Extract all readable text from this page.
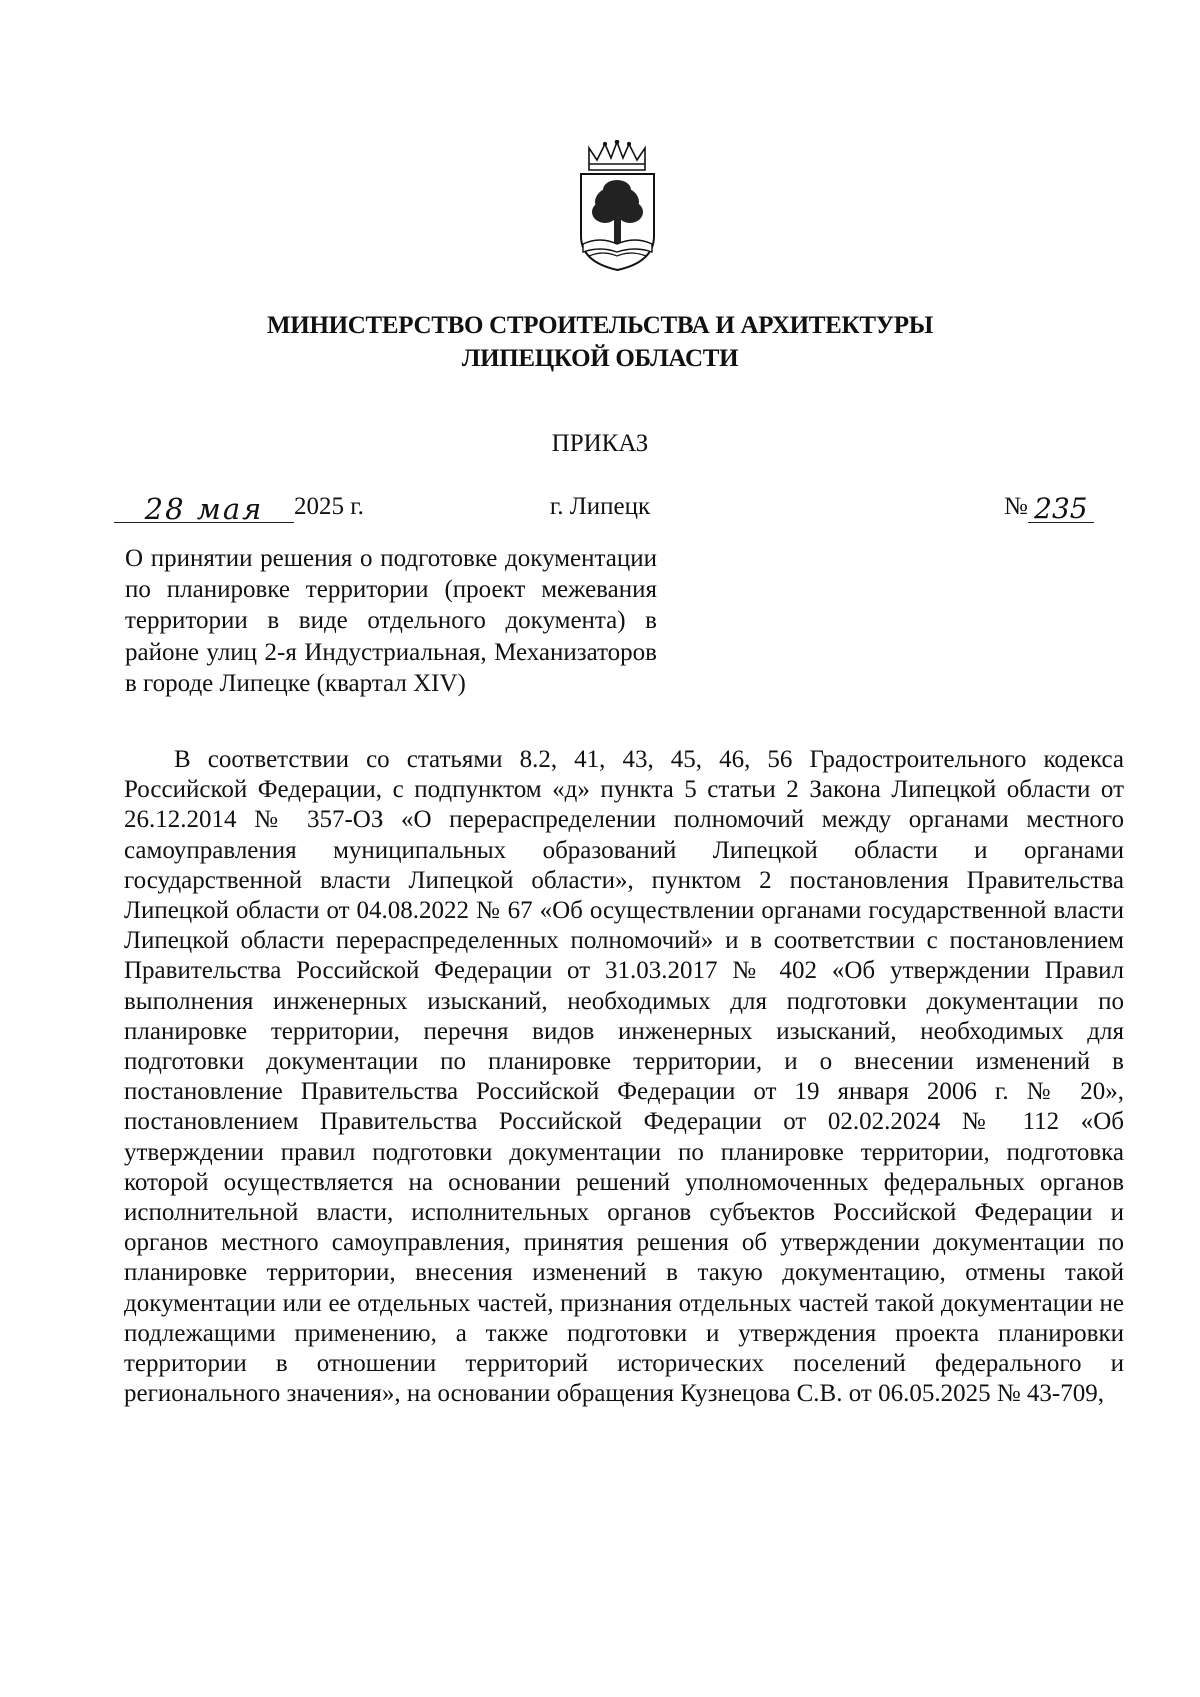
МИНИСТЕРСТВО СТРОИТЕЛЬСТВА И АРХИТЕКТУРЫ
ЛИПЕЦКОЙ ОБЛАСТИ
ПРИКАЗ
г. Липецк
28 мая 2025 г.	№ 235
О принятии решения о подготовке документации по планировке территории (проект межевания территории в виде отдельного документа) в районе улиц 2-я Индустриальная, Механизаторов в городе Липецке (квартал XIV)
В соответствии со статьями 8.2, 41, 43, 45, 46, 56 Градостроительного кодекса Российской Федерации, с подпунктом «д» пункта 5 статьи 2 Закона Липецкой области от 26.12.2014 № 357-ОЗ «О перераспределении полномочий между органами местного самоуправления муниципальных образований Липецкой области и органами государственной власти Липецкой области», пунктом 2 постановления Правительства Липецкой области от 04.08.2022 № 67 «Об осуществлении органами государственной власти Липецкой области перераспределенных полномочий» и в соответствии с постановлением Правительства Российской Федерации от 31.03.2017 № 402 «Об утверждении Правил выполнения инженерных изысканий, необходимых для подготовки документации по планировке территории, перечня видов инженерных изысканий, необходимых для подготовки документации по планировке территории, и о внесении изменений в постановление Правительства Российской Федерации от 19 января 2006 г. № 20», постановлением Правительства Российской Федерации от 02.02.2024 № 112 «Об утверждении правил подготовки документации по планировке территории, подготовка которой осуществляется на основании решений уполномоченных федеральных органов исполнительной власти, исполнительных органов субъектов Российской Федерации и органов местного самоуправления, принятия решения об утверждении документации по планировке территории, внесения изменений в такую документацию, отмены такой документации или ее отдельных частей, признания отдельных частей такой документации не подлежащими применению, а также подготовки и утверждения проекта планировки территории в отношении территорий исторических поселений федерального и регионального значения», на основании обращения Кузнецова С.В. от 06.05.2025 № 43-709,
